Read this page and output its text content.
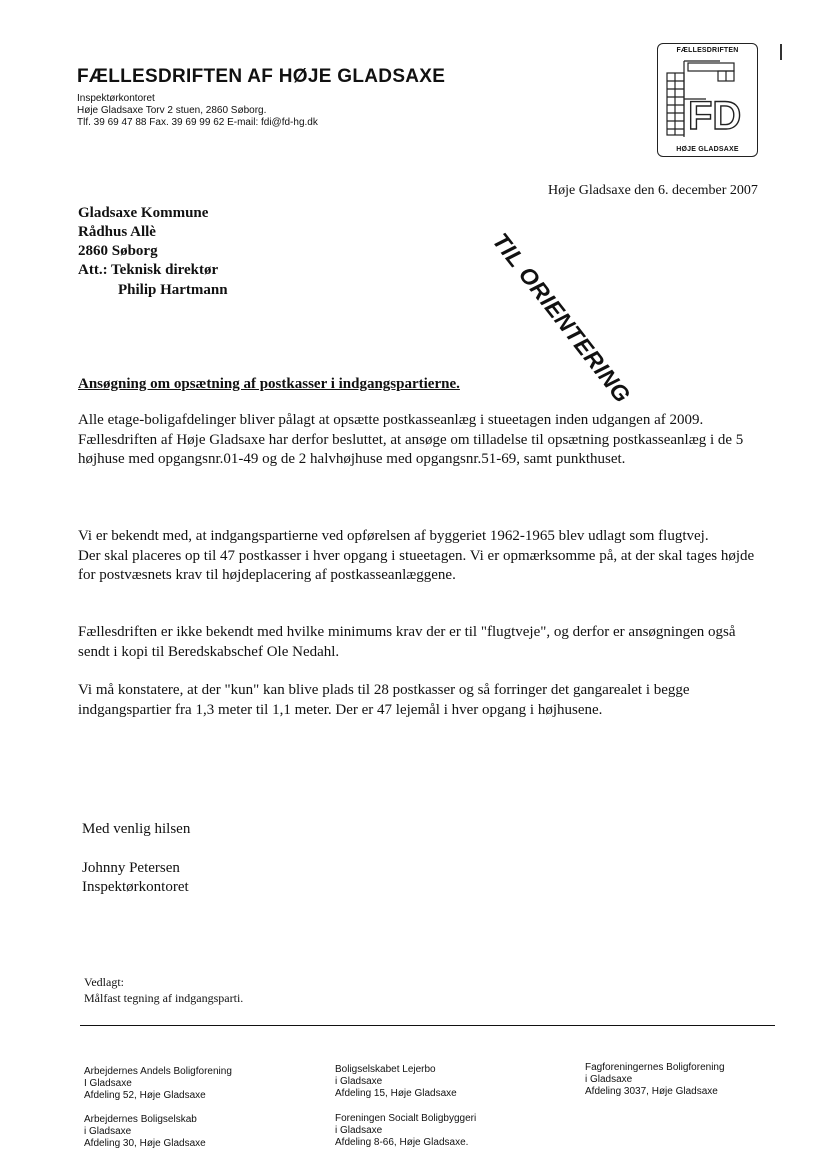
FÆLLESDRIFTEN AF HØJE GLADSAXE
Inspektørkontoret
Høje Gladsaxe Torv 2 stuen, 2860 Søborg.
Tlf. 39 69 47 88 Fax. 39 69 99 62 E-mail: fdi@fd-hg.dk
FÆLLESDRIFTEN
FD
HØJE GLADSAXE
Høje Gladsaxe den 6. december 2007
Gladsaxe Kommune
Rådhus Allè
2860 Søborg
Att.: Teknisk direktør
Philip Hartmann	TIL ORIENTERING
Ansøgning om opsætning af postkasser i indgangspartierne.
Alle etage-boligafdelinger bliver pålagt at opsætte postkasseanlæg i stueetagen inden udgangen af 2009.
Fællesdriften af Høje Gladsaxe har derfor besluttet, at ansøge om tilladelse til opsætning postkasseanlæg i de 5 højhuse med opgangsnr.01-49 og de 2 halvhøjhuse med opgangsnr.51-69, samt punkthuset.
Vi er bekendt med, at indgangspartierne ved opførelsen af byggeriet 1962-1965 blev udlagt som flugtvej.
Der skal placeres op til 47 postkasser i hver opgang i stueetagen. Vi er opmærksomme på, at der skal tages højde for postvæsnets krav til højdeplacering af postkasseanlæggene.
Fællesdriften er ikke bekendt med hvilke minimums krav der er til "flugtveje", og derfor er ansøgningen også sendt i kopi til Beredskabschef Ole Nedahl.
Vi må konstatere, at der "kun" kan blive plads til 28 postkasser og så forringer det gangarealet i begge indgangspartier fra 1,3 meter til 1,1 meter. Der er 47 lejemål i hver opgang i højhusene.
Med venlig hilsen
Johnny Petersen
Inspektørkontoret
Vedlagt:
Målfast tegning af indgangsparti.
Arbejdernes Andels Boligforening
I Gladsaxe
Afdeling 52, Høje Gladsaxe
Arbejdernes Boligselskab
i Gladsaxe
Afdeling 30, Høje Gladsaxe
Boligselskabet Lejerbo
i Gladsaxe
Afdeling 15, Høje Gladsaxe
Foreningen Socialt Boligbyggeri
i Gladsaxe
Afdeling 8-66, Høje Gladsaxe.
Fagforeningernes Boligforening
i Gladsaxe
Afdeling 3037, Høje Gladsaxe
